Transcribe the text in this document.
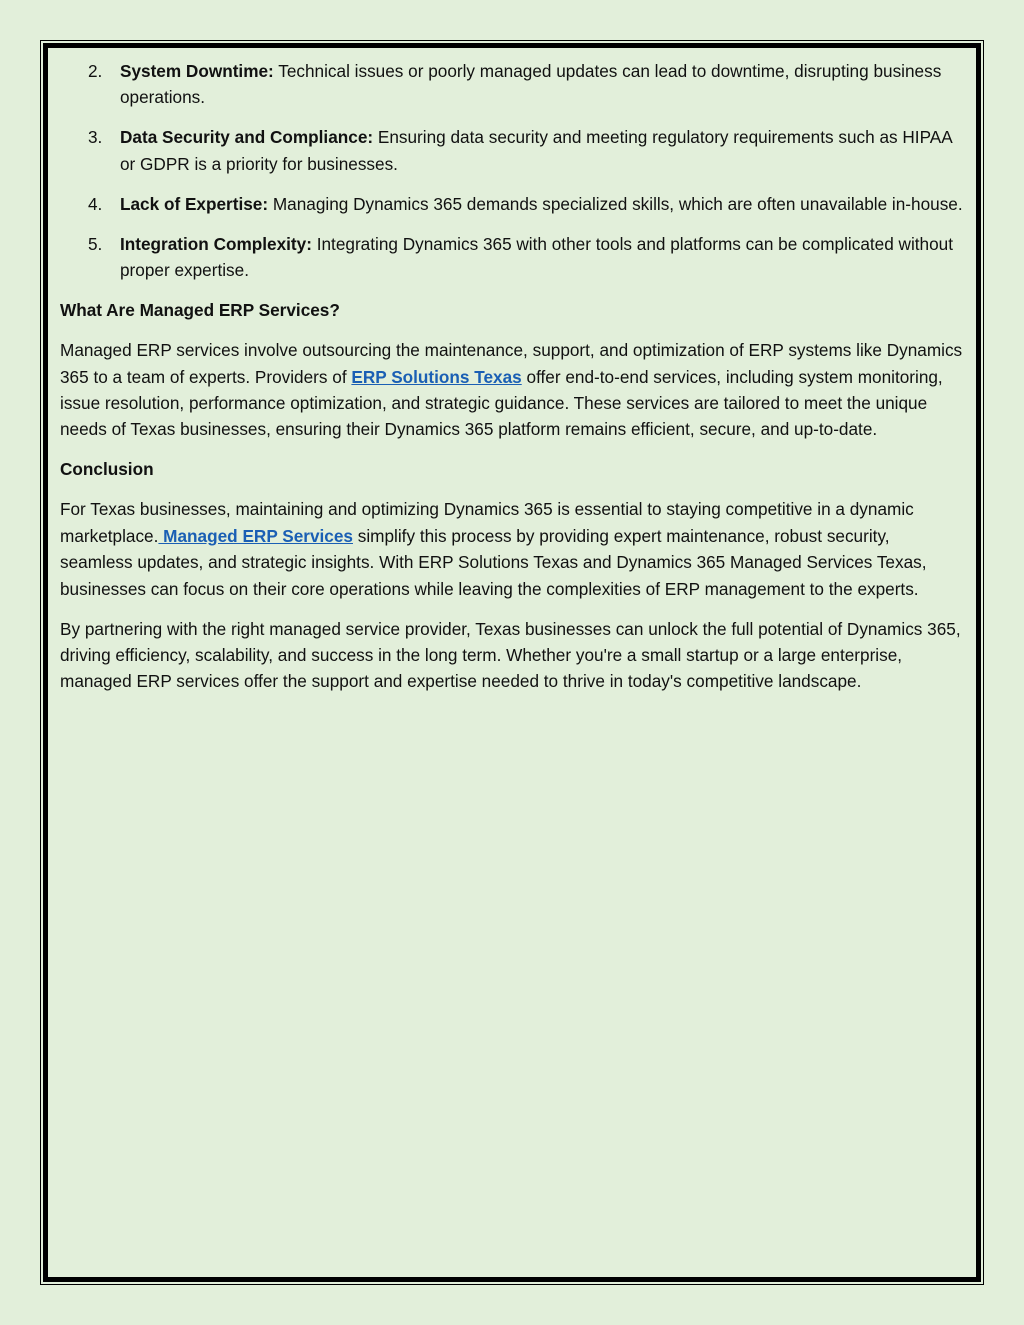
2. System Downtime: Technical issues or poorly managed updates can lead to downtime, disrupting business operations.
3. Data Security and Compliance: Ensuring data security and meeting regulatory requirements such as HIPAA or GDPR is a priority for businesses.
4. Lack of Expertise: Managing Dynamics 365 demands specialized skills, which are often unavailable in-house.
5. Integration Complexity: Integrating Dynamics 365 with other tools and platforms can be complicated without proper expertise.

What Are Managed ERP Services?

Managed ERP services involve outsourcing the maintenance, support, and optimization of ERP systems like Dynamics 365 to a team of experts. Providers of ERP Solutions Texas offer end-to-end services, including system monitoring, issue resolution, performance optimization, and strategic guidance. These services are tailored to meet the unique needs of Texas businesses, ensuring their Dynamics 365 platform remains efficient, secure, and up-to-date.

Conclusion

For Texas businesses, maintaining and optimizing Dynamics 365 is essential to staying competitive in a dynamic marketplace. Managed ERP Services simplify this process by providing expert maintenance, robust security, seamless updates, and strategic insights. With ERP Solutions Texas and Dynamics 365 Managed Services Texas, businesses can focus on their core operations while leaving the complexities of ERP management to the experts.

By partnering with the right managed service provider, Texas businesses can unlock the full potential of Dynamics 365, driving efficiency, scalability, and success in the long term. Whether you're a small startup or a large enterprise, managed ERP services offer the support and expertise needed to thrive in today's competitive landscape.
